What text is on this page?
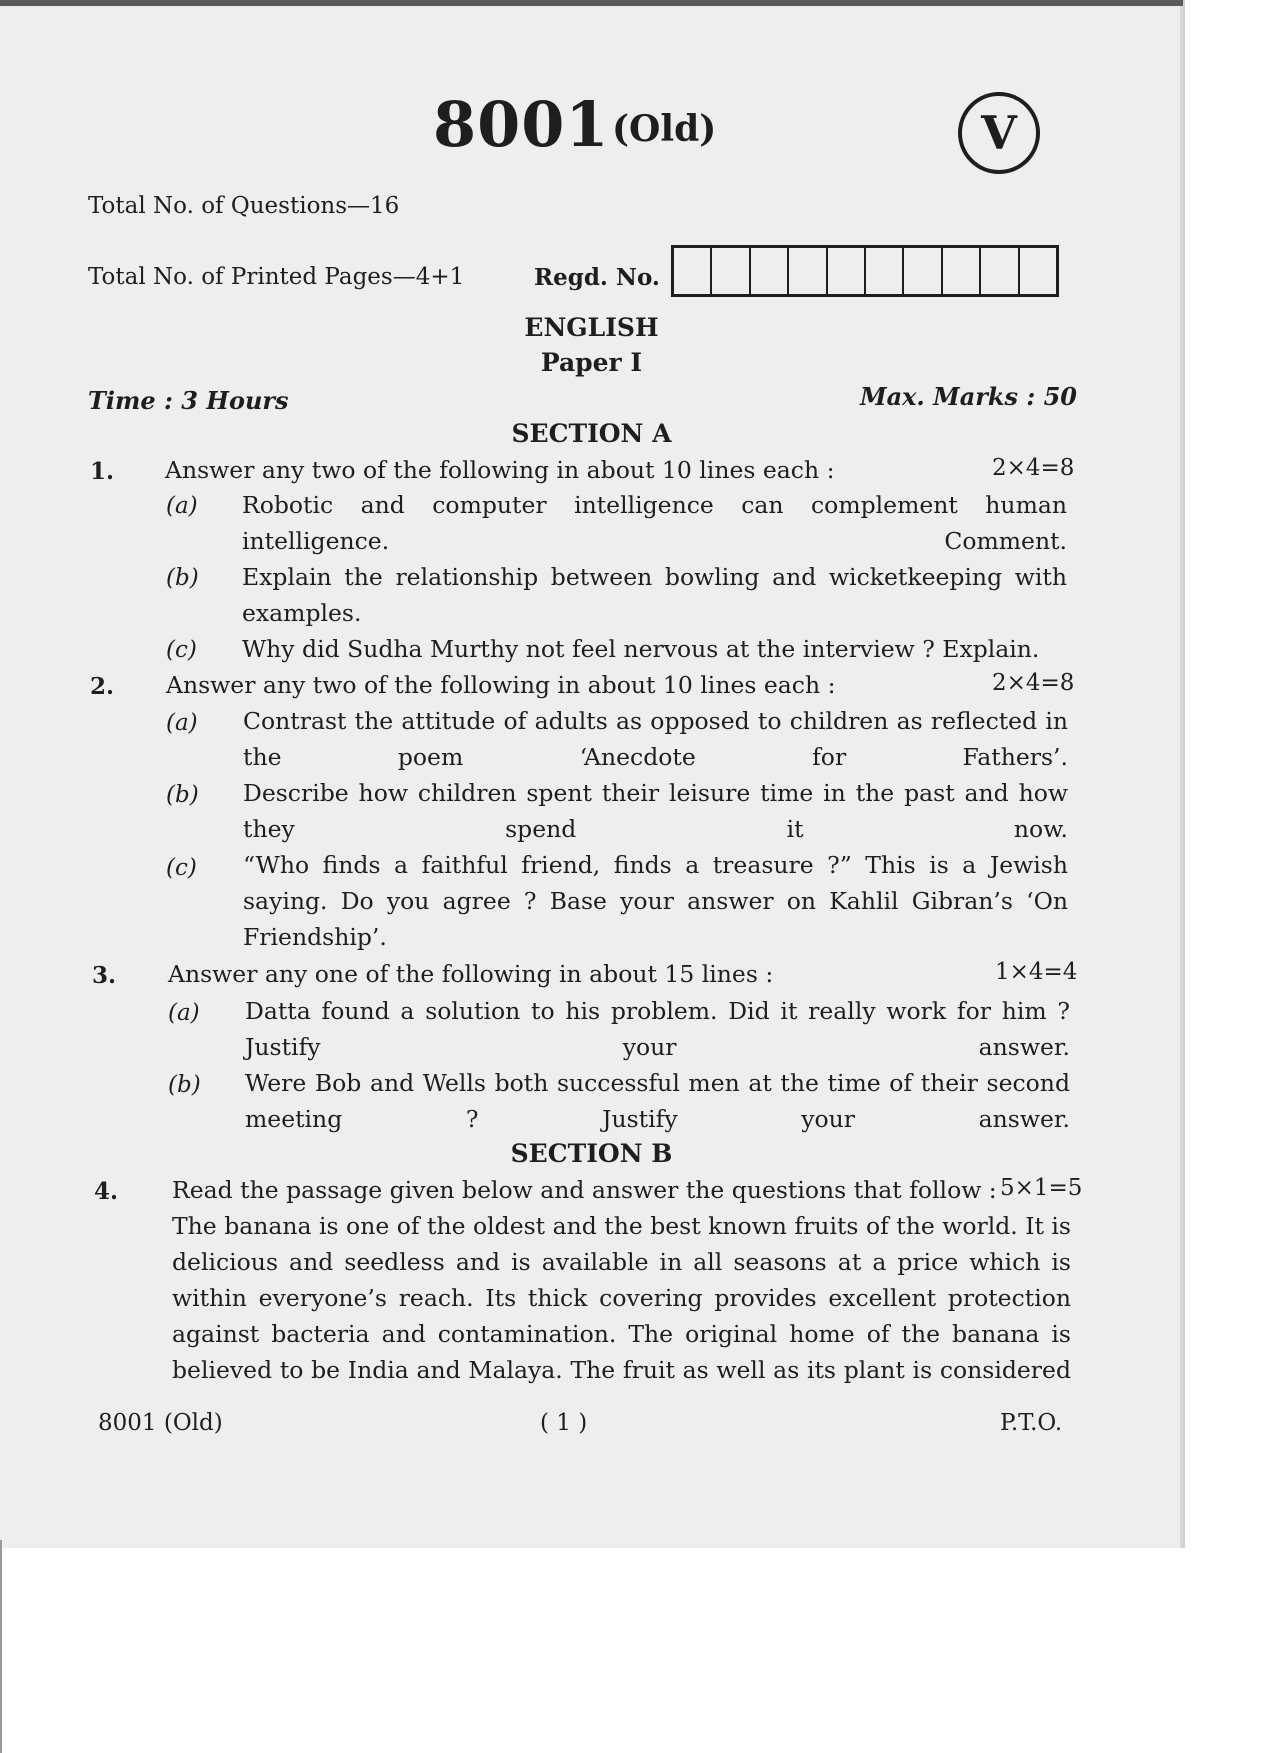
8001 (Old)	V
Total No. of Questions—16
Total No. of Printed Pages—4+1	Regd. No.
ENGLISH
Paper I
Time : 3 Hours	Max. Marks : 50
SECTION A
1. Answer any two of the following in about 10 lines each :	2×4=8
(a) Robotic and computer intelligence can complement human intelligence. Comment.
(b) Explain the relationship between bowling and wicketkeeping with examples.
(c) Why did Sudha Murthy not feel nervous at the interview ? Explain.
2. Answer any two of the following in about 10 lines each :	2×4=8
(a) Contrast the attitude of adults as opposed to children as reflected in the poem ‘Anecdote for Fathers’.
(b) Describe how children spent their leisure time in the past and how they spend it now.
(c) “Who finds a faithful friend, finds a treasure ?” This is a Jewish saying. Do you agree ? Base your answer on Kahlil Gibran’s ‘On Friendship’.
3. Answer any one of the following in about 15 lines :	1×4=4
(a) Datta found a solution to his problem. Did it really work for him ? Justify your answer.
(b) Were Bob and Wells both successful men at the time of their second meeting ? Justify your answer.
SECTION B
4. Read the passage given below and answer the questions that follow : 5×1=5
The banana is one of the oldest and the best known fruits of the world. It is delicious and seedless and is available in all seasons at a price which is within everyone’s reach. Its thick covering provides excellent protection against bacteria and contamination. The original home of the banana is believed to be India and Malaya. The fruit as well as its plant is considered
8001 (Old)	( 1 )	P.T.O.
